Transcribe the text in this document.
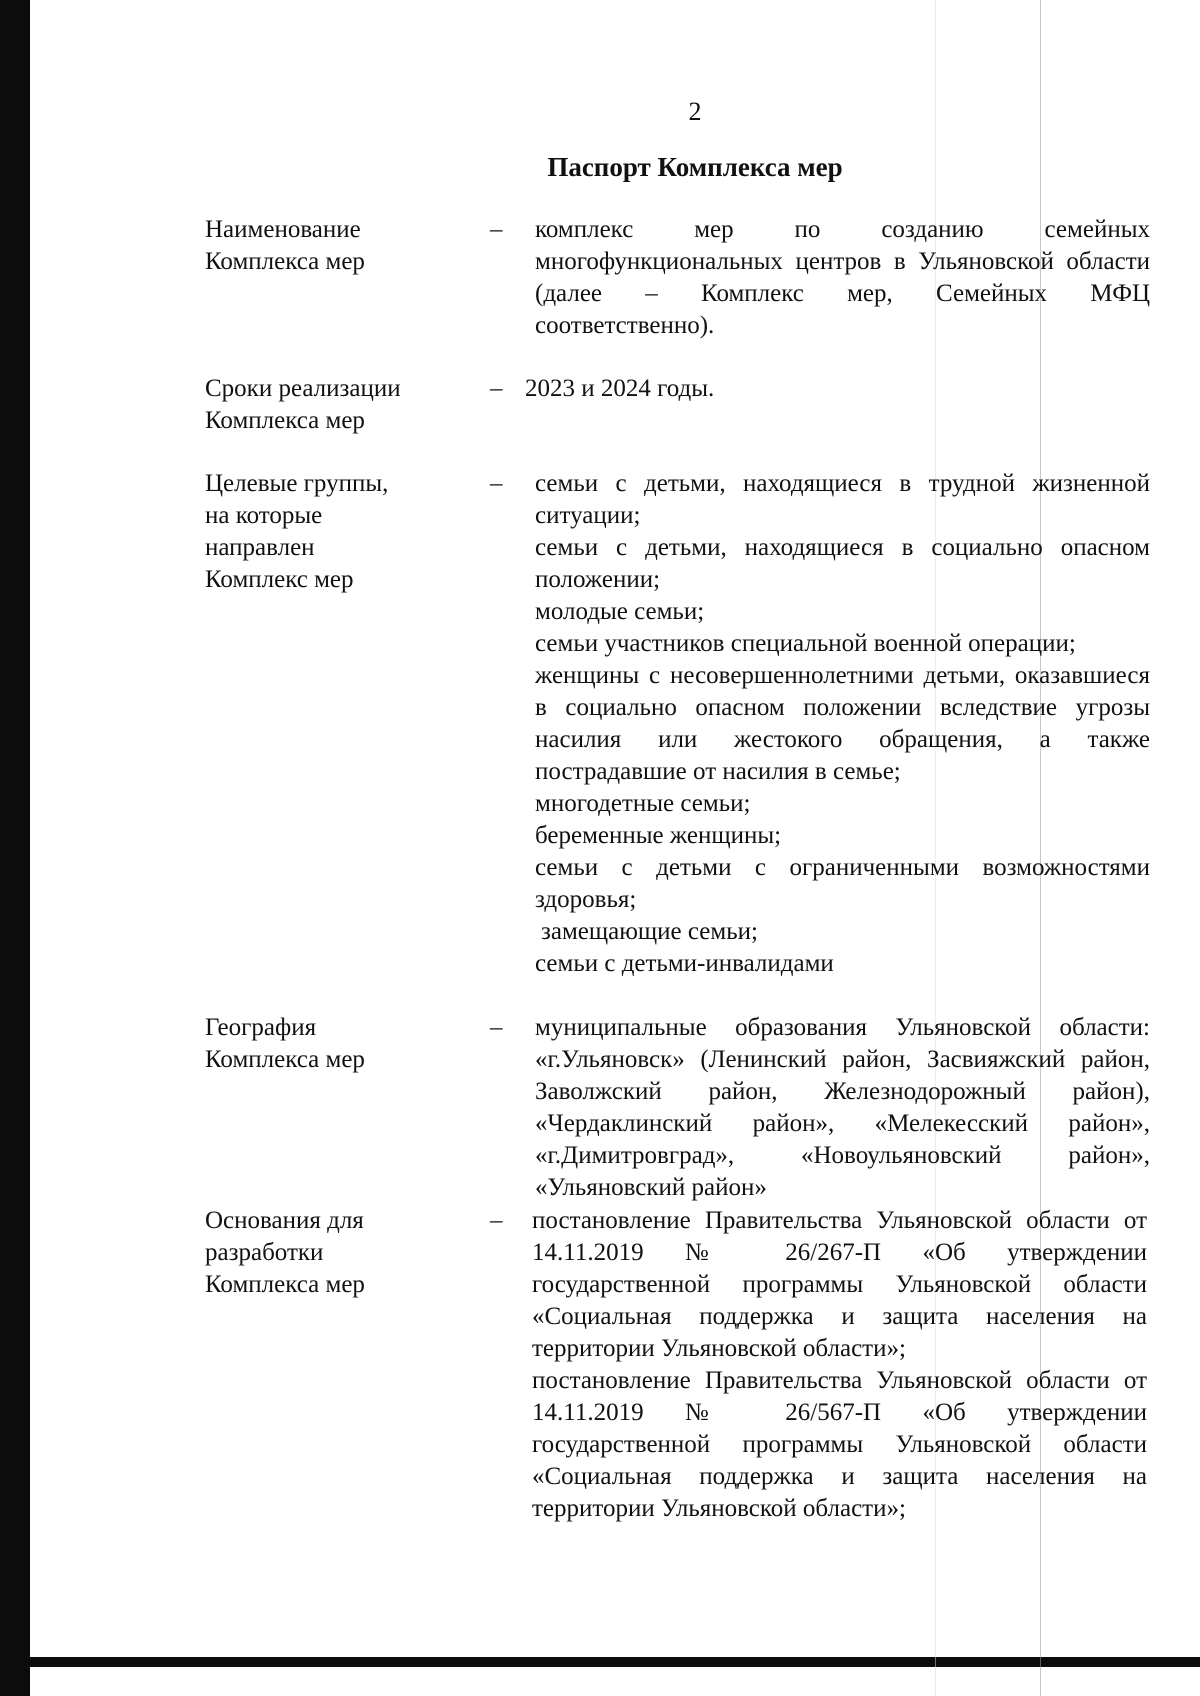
2
Паспорт Комплекса мер
Наименование
Комплекса мер
– комплекс мер по созданию семейных многофункциональных центров в Ульяновской области (далее – Комплекс мер, Семейных МФЦ соответственно).

Сроки реализации
Комплекса мер
– 2023 и 2024 годы.

Целевые группы,
на которые
направлен
Комплекс мер
– семьи с детьми, находящиеся в трудной жизненной ситуации;

семьи с детьми, находящиеся в социально опасном положении;

молодые семьи;

семьи участников специальной военной операции;

женщины с несовершеннолетними детьми, оказавшиеся в социально опасном положении вследствие угрозы насилия или жестокого обращения, а также пострадавшие от насилия в семье;

многодетные семьи;

беременные женщины;

семьи с детьми с ограниченными возможностями здоровья;

замещающие семьи;

семьи с детьми-инвалидами

География
Комплекса мер
– муниципальные образования Ульяновской области: «г.Ульяновск» (Ленинский район, Засвияжский район, Заволжский район, Железнодорожный район), «Чердаклинский район», «Мелекесский район», «г.Димитровград», «Новоульяновский район», «Ульяновский район»

Основания для
разработки
Комплекса мер
– постановление Правительства Ульяновской области от 14.11.2019 № 26/267-П «Об утверждении государственной программы Ульяновской области «Социальная поддержка и защита населения на территории Ульяновской области»;

постановление Правительства Ульяновской области от 14.11.2019 № 26/567-П «Об утверждении государственной программы Ульяновской области «Социальная поддержка и защита населения на территории Ульяновской области»;
